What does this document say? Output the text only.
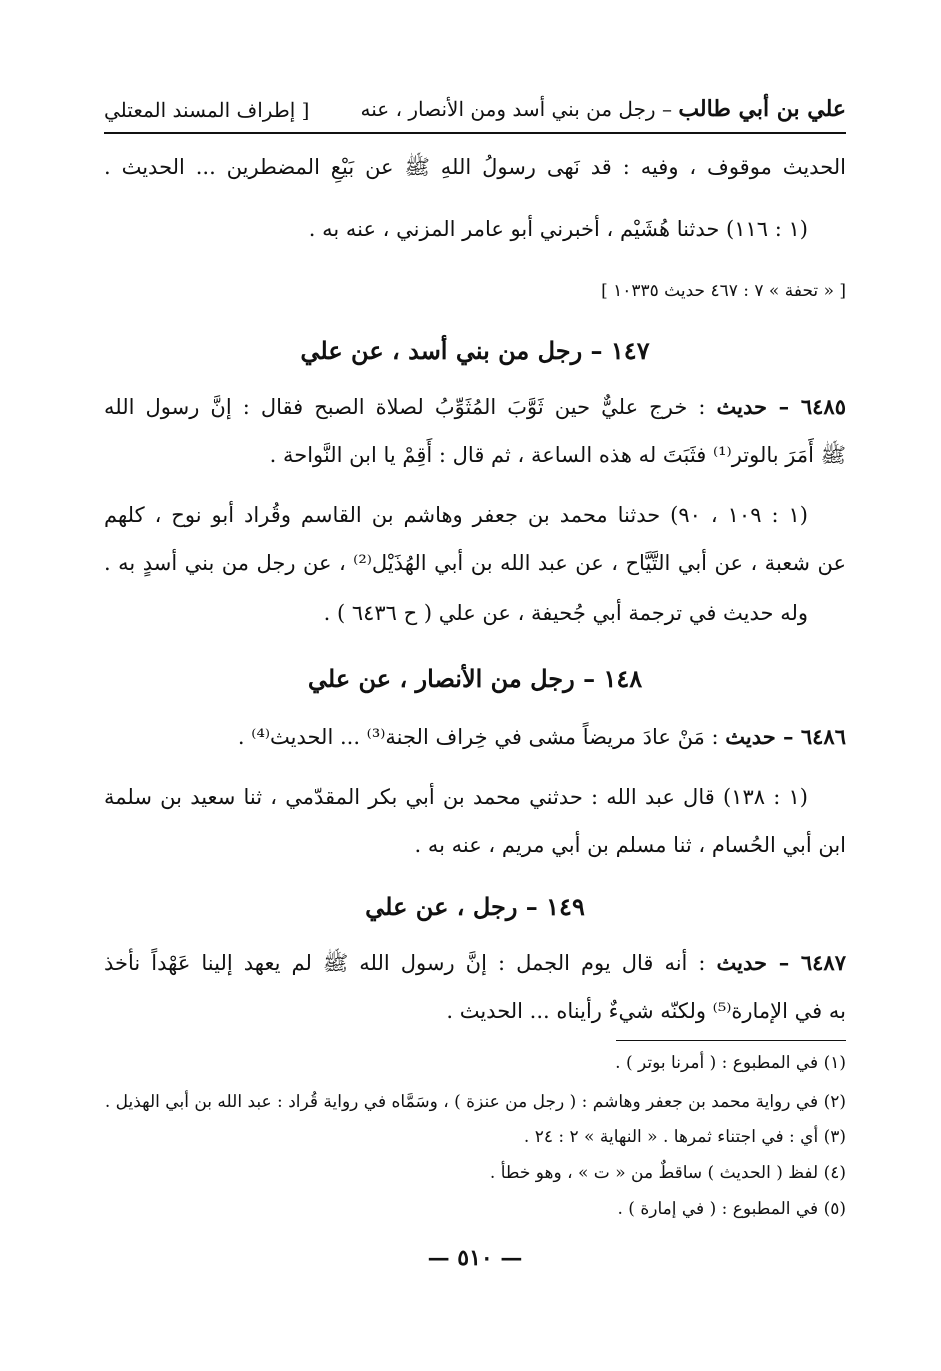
علي بن أبي طالب – رجل من بني أسد ومن الأنصار ، عنه
[ إطراف المسند المعتلي
الحديث موقوف ، وفيه : قد نَهى رسولُ اللهِ ﷺ عن بَيْعِ المضطرين ... الحديث .
(١ : ١١٦) حدثنا هُشَيْم ، أخبرني أبو عامر المزني ، عنه به .
[ « تحفة » ٧ : ٤٦٧ حديث ١٠٣٣٥ ]
١٤٧ – رجل من بني أسد ، عن علي
٦٤٨٥ – حديث : خرج عليٌّ حين ثَوَّبَ المُثَوِّبُ لصلاة الصبح فقال : إنَّ رسول الله
ﷺ أَمَرَ بالوتر⁽¹⁾ فثَبَتَ له هذه الساعة ، ثم قال : أَقِمْ يا ابن النَّواحة .
(١ : ١٠٩ ، ٩٠) حدثنا محمد بن جعفر وهاشم بن القاسم وقُراد أبو نوح ، كلهم
عن شعبة ، عن أبي التَّيَّاح ، عن عبد الله بن أبي الهُذَيْل⁽²⁾ ، عن رجل من بني أسدٍ به .
وله حديث في ترجمة أبي جُحيفة ، عن علي ( ح ٦٤٣٦ ) .
١٤٨ – رجل من الأنصار ، عن علي
٦٤٨٦ – حديث : مَنْ عادَ مريضاً مشى في خِراف الجنة⁽³⁾ ... الحديث⁽⁴⁾ .
(١ : ١٣٨) قال عبد الله : حدثني محمد بن أبي بكر المقدّمي ، ثنا سعيد بن سلمة
ابن أبي الحُسام ، ثنا مسلم بن أبي مريم ، عنه به .
١٤٩ – رجل ، عن علي
٦٤٨٧ – حديث : أنه قال يوم الجمل : إنَّ رسول الله ﷺ لم يعهد إلينا عَهْداً نأخذ
به في الإمارة⁽⁵⁾ ولكنّه شيءٌ رأيناه ... الحديث .
(١) في المطبوع : ( أمرنا بوتر ) .
(٢) في رواية محمد بن جعفر وهاشم : ( رجل من عنزة ) ، وسَمَّاه في رواية قُراد : عبد الله بن أبي الهذيل .
(٣) أي : في اجتناء ثمرها . « النهاية » ٢ : ٢٤ .
(٤) لفظ ( الحديث ) ساقطٌ من « ت » ، وهو خطأ .
(٥) في المطبوع : ( في إمارة ) .
— ٥١٠ —
